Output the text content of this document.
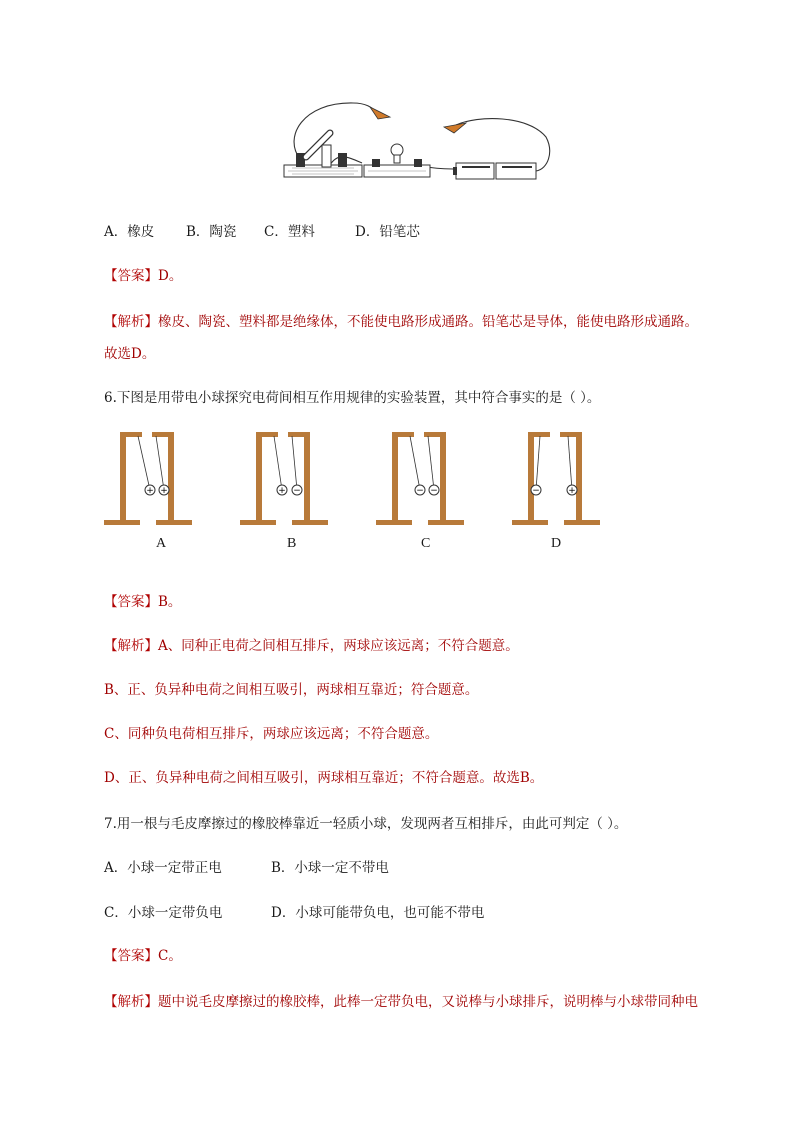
A．橡皮 B．陶瓷 C．塑料	D．铅笔芯
【答案】D。
【解析】橡皮、陶瓷、塑料都是绝缘体，不能使电路形成通路。铅笔芯是导体，能使电路形成通路。
故选D。
6.下图是用带电小球探究电荷间相互作用规律的实验装置，其中符合事实的是（ ）。
+ +	+ −	− −	−	+
A	B	C	D
【答案】B。
【解析】A、同种正电荷之间相互排斥，两球应该远离；不符合题意。
B、正、负异种电荷之间相互吸引，两球相互靠近；符合题意。
C、同种负电荷相互排斥，两球应该远离；不符合题意。
D、正、负异种电荷之间相互吸引，两球相互靠近；不符合题意。故选B。
7.用一根与毛皮摩擦过的橡胶棒靠近一轻质小球，发现两者互相排斥，由此可判定（ ）。
A．小球一定带正电	B．小球一定不带电
C．小球一定带负电	D．小球可能带负电，也可能不带电
【答案】C。
【解析】题中说毛皮摩擦过的橡胶棒，此棒一定带负电，又说棒与小球排斥，说明棒与小球带同种电
